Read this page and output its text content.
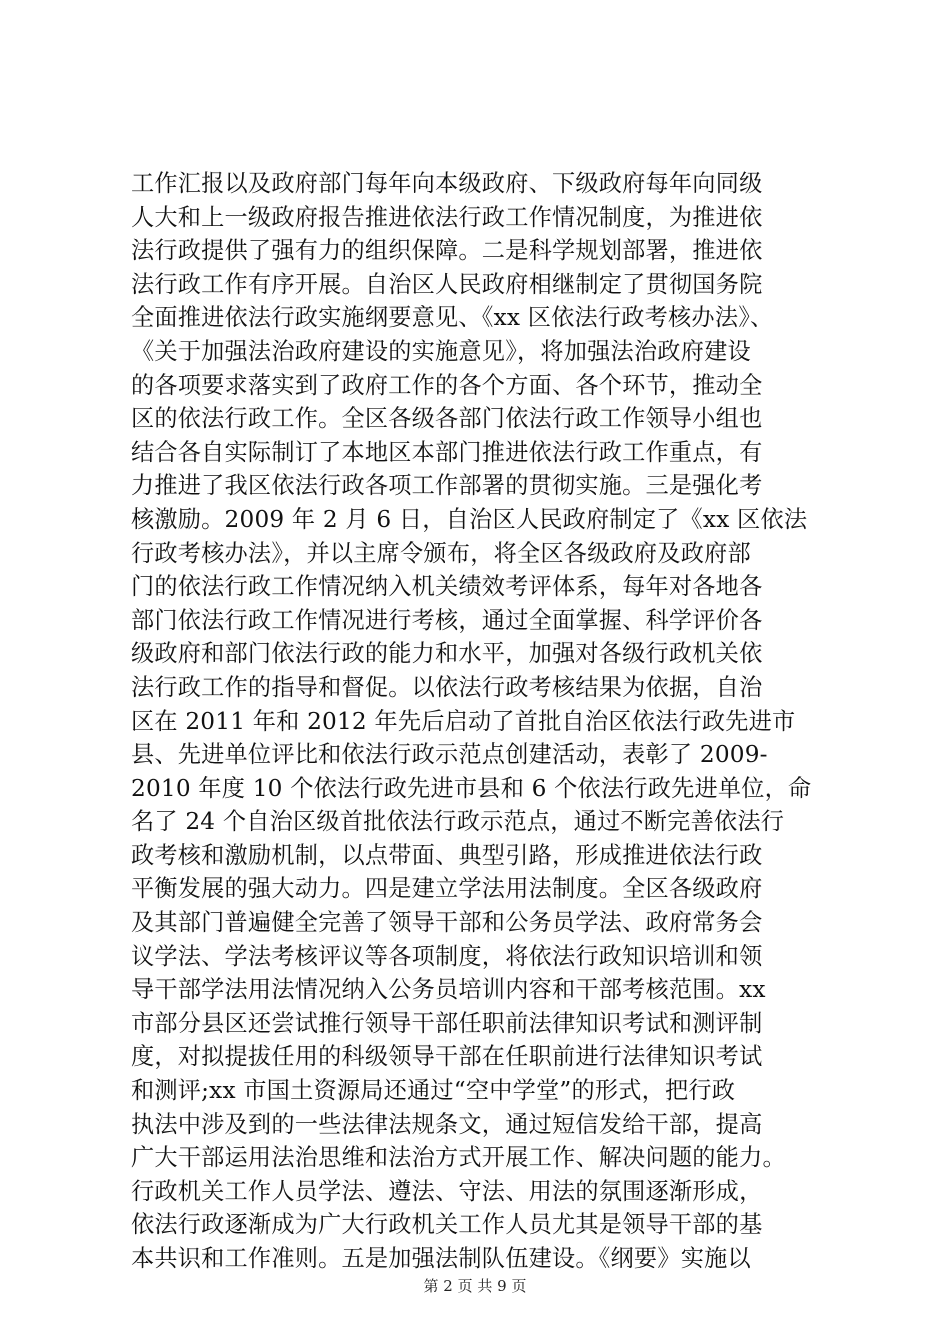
工作汇报以及政府部门每年向本级政府、下级政府每年向同级
人大和上一级政府报告推进依法行政工作情况制度，为推进依
法行政提供了强有力的组织保障。二是科学规划部署，推进依
法行政工作有序开展。自治区人民政府相继制定了贯彻国务院
全面推进依法行政实施纲要意见、《xx 区依法行政考核办法》、
《关于加强法治政府建设的实施意见》，将加强法治政府建设
的各项要求落实到了政府工作的各个方面、各个环节，推动全
区的依法行政工作。全区各级各部门依法行政工作领导小组也
结合各自实际制订了本地区本部门推进依法行政工作重点，有
力推进了我区依法行政各项工作部署的贯彻实施。三是强化考
核激励。2009 年 2 月 6 日，自治区人民政府制定了《xx 区依法
行政考核办法》，并以主席令颁布，将全区各级政府及政府部
门的依法行政工作情况纳入机关绩效考评体系，每年对各地各
部门依法行政工作情况进行考核，通过全面掌握、科学评价各
级政府和部门依法行政的能力和水平，加强对各级行政机关依
法行政工作的指导和督促。以依法行政考核结果为依据，自治
区在 2011 年和 2012 年先后启动了首批自治区依法行政先进市
县、先进单位评比和依法行政示范点创建活动，表彰了 2009-
2010 年度 10 个依法行政先进市县和 6 个依法行政先进单位，命
名了 24 个自治区级首批依法行政示范点，通过不断完善依法行
政考核和激励机制，以点带面、典型引路，形成推进依法行政
平衡发展的强大动力。四是建立学法用法制度。全区各级政府
及其部门普遍健全完善了领导干部和公务员学法、政府常务会
议学法、学法考核评议等各项制度，将依法行政知识培训和领
导干部学法用法情况纳入公务员培训内容和干部考核范围。xx
市部分县区还尝试推行领导干部任职前法律知识考试和测评制
度，对拟提拔任用的科级领导干部在任职前进行法律知识考试
和测评;xx 市国土资源局还通过“空中学堂”的形式，把行政
执法中涉及到的一些法律法规条文，通过短信发给干部，提高
广大干部运用法治思维和法治方式开展工作、解决问题的能力。
行政机关工作人员学法、遵法、守法、用法的氛围逐渐形成，
依法行政逐渐成为广大行政机关工作人员尤其是领导干部的基
本共识和工作准则。五是加强法制队伍建设。《纲要》实施以
第 2 页 共 9 页
